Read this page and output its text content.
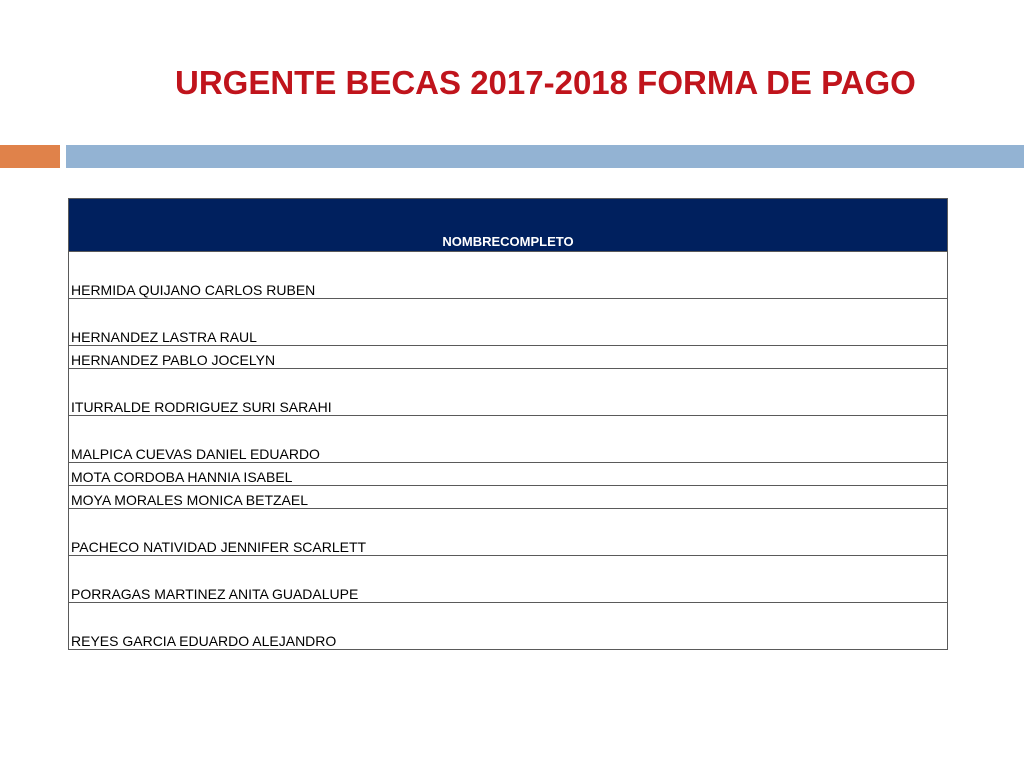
URGENTE BECAS 2017-2018 FORMA DE PAGO
NOMBRECOMPLETO
HERMIDA QUIJANO CARLOS RUBEN
HERNANDEZ LASTRA RAUL
HERNANDEZ PABLO JOCELYN
ITURRALDE RODRIGUEZ SURI SARAHI
MALPICA CUEVAS DANIEL EDUARDO
MOTA CORDOBA HANNIA ISABEL
MOYA MORALES MONICA BETZAEL
PACHECO NATIVIDAD JENNIFER SCARLETT
PORRAGAS MARTINEZ ANITA GUADALUPE
REYES GARCIA EDUARDO ALEJANDRO
